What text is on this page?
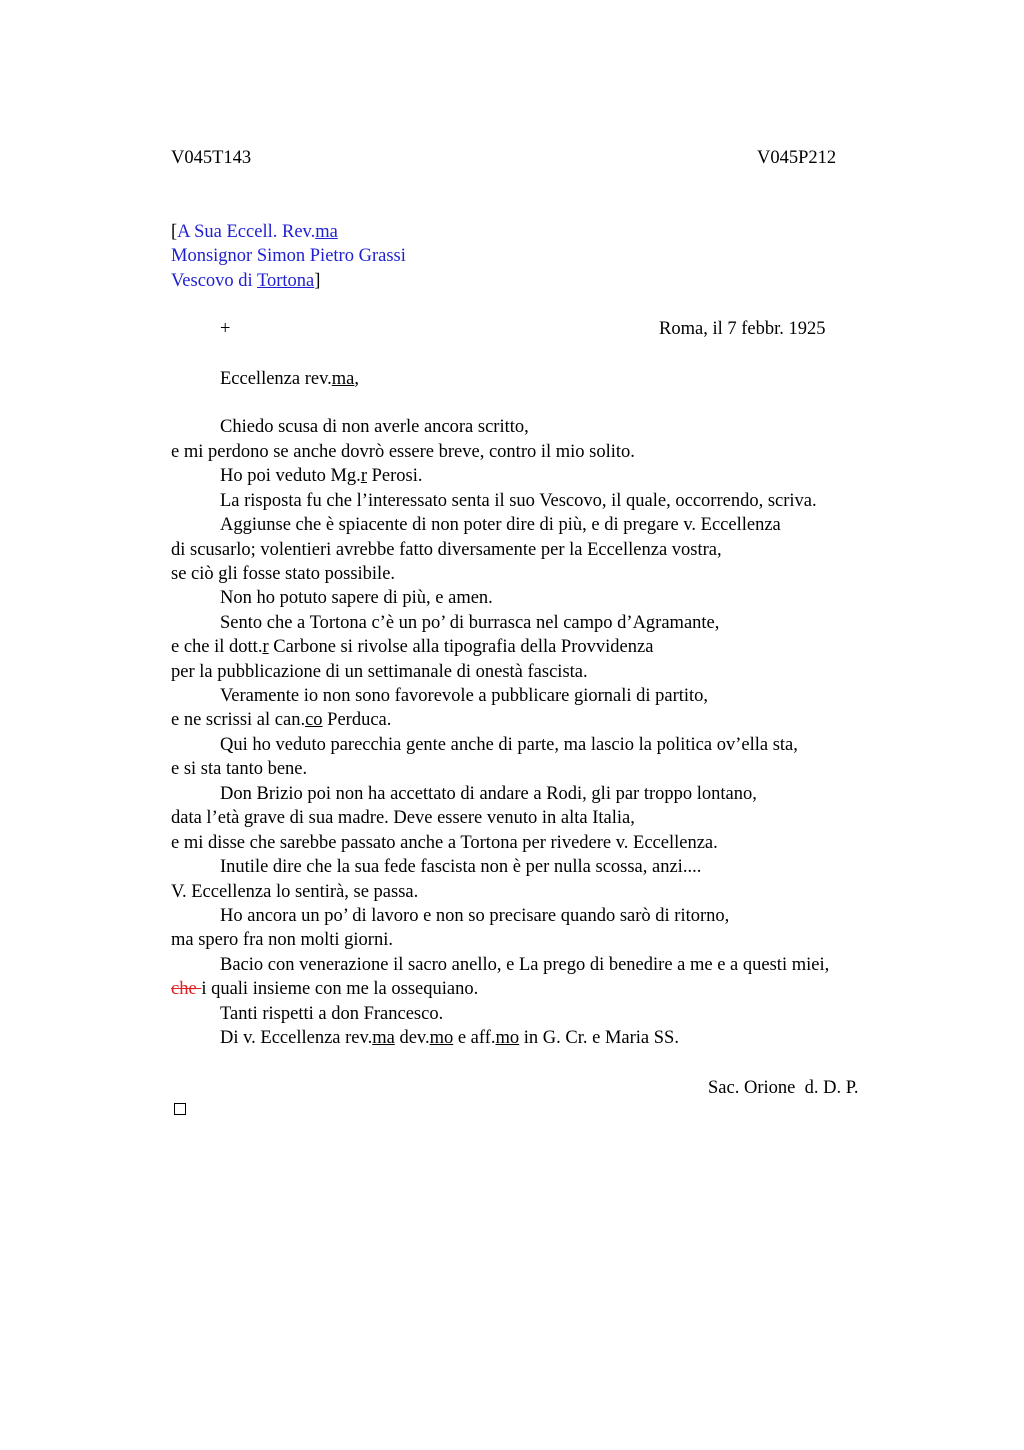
V045T143	V045P212
[A Sua Eccell. Rev.ma
Monsignor Simon Pietro Grassi
Vescovo di Tortona]
+	Roma, il 7 febbr. 1925
Eccellenza rev.ma,
Chiedo scusa di non averle ancora scritto,
e mi perdono se anche dovrò essere breve, contro il mio solito.
Ho poi veduto Mg.r Perosi.
La risposta fu che l’interessato senta il suo Vescovo, il quale, occorrendo, scriva.
Aggiunse che è spiacente di non poter dire di più, e di pregare v. Eccellenza
di scusarlo; volentieri avrebbe fatto diversamente per la Eccellenza vostra,
se ciò gli fosse stato possibile.
Non ho potuto sapere di più, e amen.
Sento che a Tortona c’è un po’ di burrasca nel campo d’Agramante,
e che il dott.r Carbone si rivolse alla tipografia della Provvidenza
per la pubblicazione di un settimanale di onestà fascista.
Veramente io non sono favorevole a pubblicare giornali di partito,
e ne scrissi al can.co Perduca.
Qui ho veduto parecchia gente anche di parte, ma lascio la politica ov’ella sta,
e si sta tanto bene.
Don Brizio poi non ha accettato di andare a Rodi, gli par troppo lontano,
data l’età grave di sua madre. Deve essere venuto in alta Italia,
e mi disse che sarebbe passato anche a Tortona per rivedere v. Eccellenza.
Inutile dire che la sua fede fascista non è per nulla scossa, anzi....
V. Eccellenza lo sentirà, se passa.
Ho ancora un po’ di lavoro e non so precisare quando sarò di ritorno,
ma spero fra non molti giorni.
Bacio con venerazione il sacro anello, e La prego di benedire a me e a questi miei,
che i quali insieme con me la ossequiano.
Tanti rispetti a don Francesco.
Di v. Eccellenza rev.ma dev.mo e aff.mo in G. Cr. e Maria SS.
Sac. Orione  d. D. P.
